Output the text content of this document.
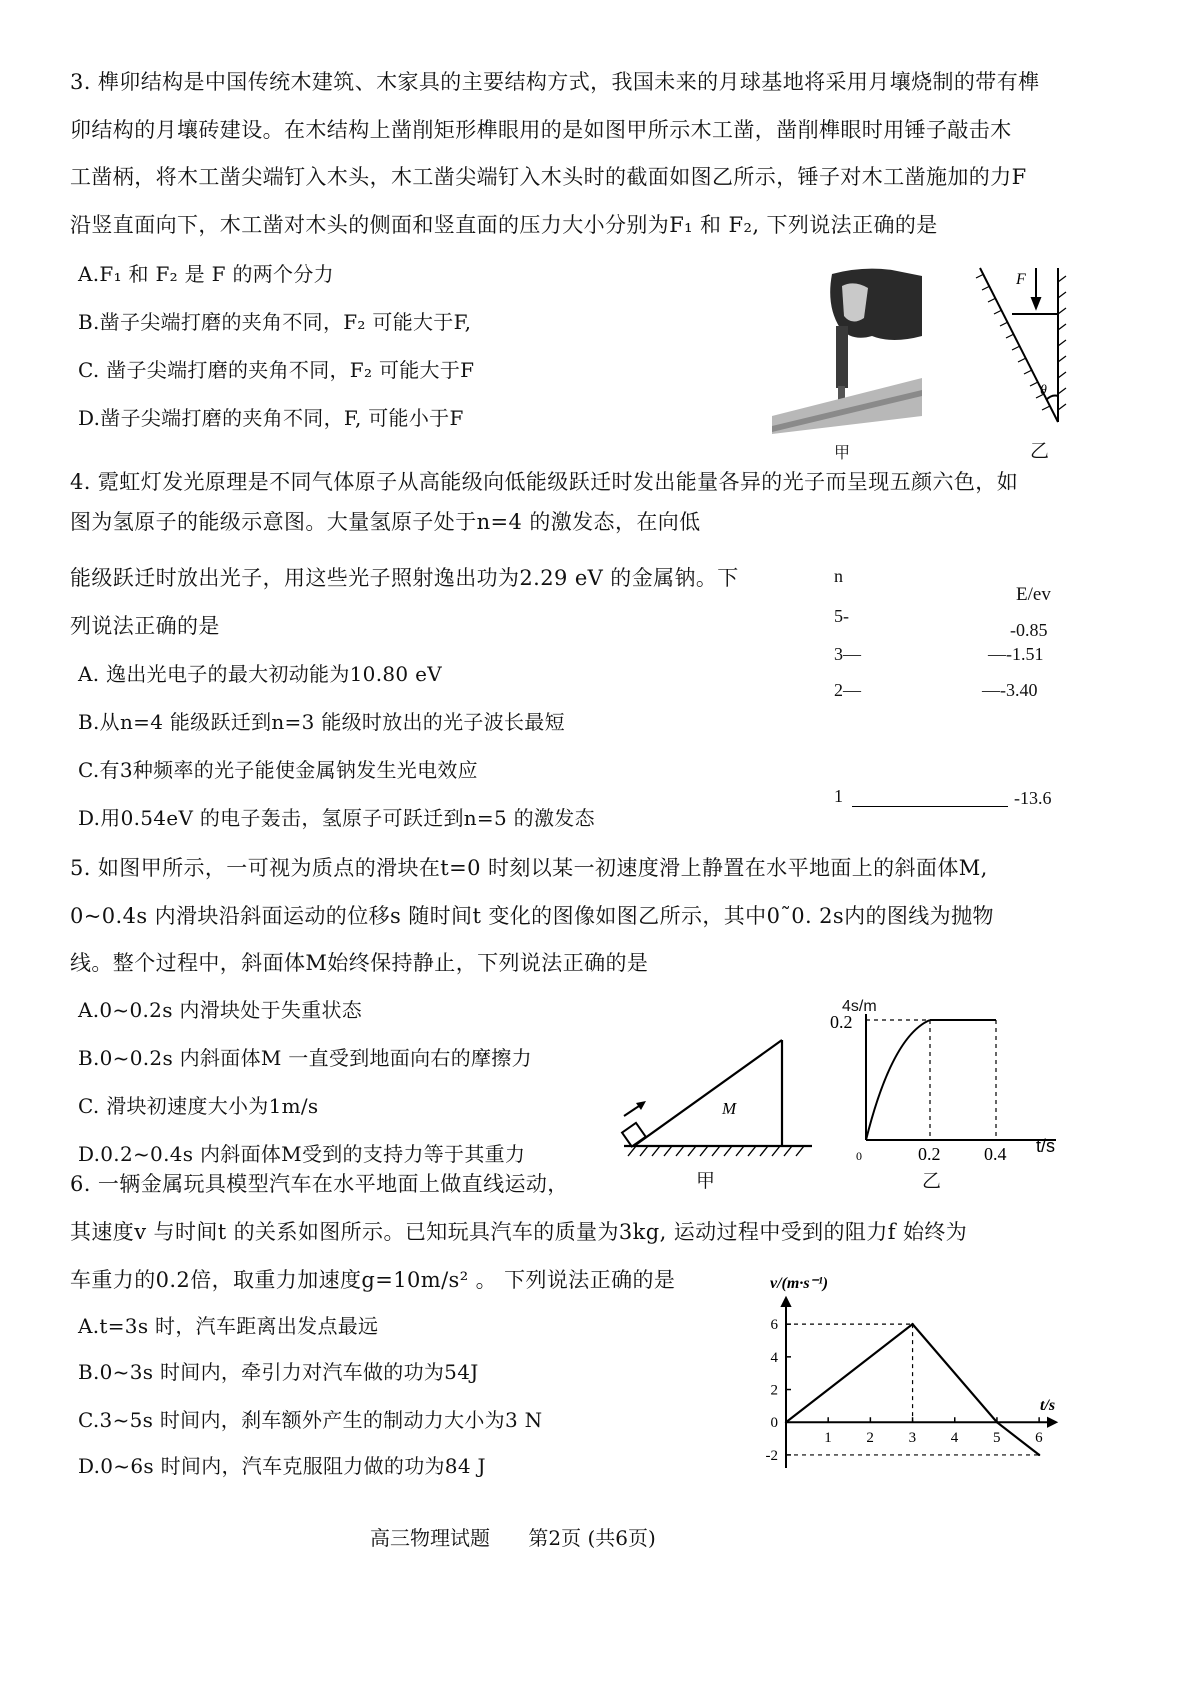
3. 榫卯结构是中国传统木建筑、木家具的主要结构方式，我国未来的月球基地将采用月壤烧制的带有榫
卯结构的月壤砖建设。在木结构上凿削矩形榫眼用的是如图甲所示木工凿，凿削榫眼时用锤子敲击木
工凿柄，将木工凿尖端钉入木头，木工凿尖端钉入木头时的截面如图乙所示，锤子对木工凿施加的力F
沿竖直面向下，木工凿对木头的侧面和竖直面的压力大小分别为F₁ 和 F₂, 下列说法正确的是
A.F₁ 和 F₂ 是 F 的两个分力
B.凿子尖端打磨的夹角不同，F₂ 可能大于F,
C. 凿子尖端打磨的夹角不同，F₂ 可能大于F
D.凿子尖端打磨的夹角不同，F, 可能小于F
甲
F
θ
乙
4. 霓虹灯发光原理是不同气体原子从高能级向低能级跃迁时发出能量各异的光子而呈现五颜六色，如
图为氢原子的能级示意图。大量氢原子处于n=4 的激发态，在向低
能级跃迁时放出光子，用这些光子照射逸出功为2.29 eV 的金属钠。下
列说法正确的是
A. 逸出光电子的最大初动能为10.80 eV
B.从n=4 能级跃迁到n=3 能级时放出的光子波长最短
C.有3种频率的光子能使金属钠发生光电效应
D.用0.54eV 的电子轰击，氢原子可跃迁到n=5 的激发态
n
E/ev
5-
-0.85
3—	—-1.51
2—	—-3.40
1	-13.6
5. 如图甲所示，一可视为质点的滑块在t=0 时刻以某一初速度滑上静置在水平地面上的斜面体M,
0~0.4s 内滑块沿斜面运动的位移s 随时间t 变化的图像如图乙所示，其中0˜0. 2s内的图线为抛物
线。整个过程中，斜面体M始终保持静止，下列说法正确的是
A.0~0.2s 内滑块处于失重状态
B.0~0.2s 内斜面体M 一直受到地面向右的摩擦力
C. 滑块初速度大小为1m/s
D.0.2~0.4s 内斜面体M受到的支持力等于其重力
M
甲
0.2
0	0.2 0.4 t/s
4s/m
乙
6. 一辆金属玩具模型汽车在水平地面上做直线运动，
其速度v 与时间t 的关系如图所示。已知玩具汽车的质量为3kg, 运动过程中受到的阻力f 始终为
车重力的0.2倍，取重力加速度g=10m/s² 。 下列说法正确的是
A.t=3s 时，汽车距离出发点最远
B.0~3s 时间内，牵引力对汽车做的功为54J
C.3~5s 时间内，刹车额外产生的制动力大小为3 N
D.0~6s 时间内，汽车克服阻力做的功为84 J
1 2 3 4 5 6
6
4
2
0
-2
v/(m·s⁻¹)
t/s
高三物理试题 第2页 (共6页)
